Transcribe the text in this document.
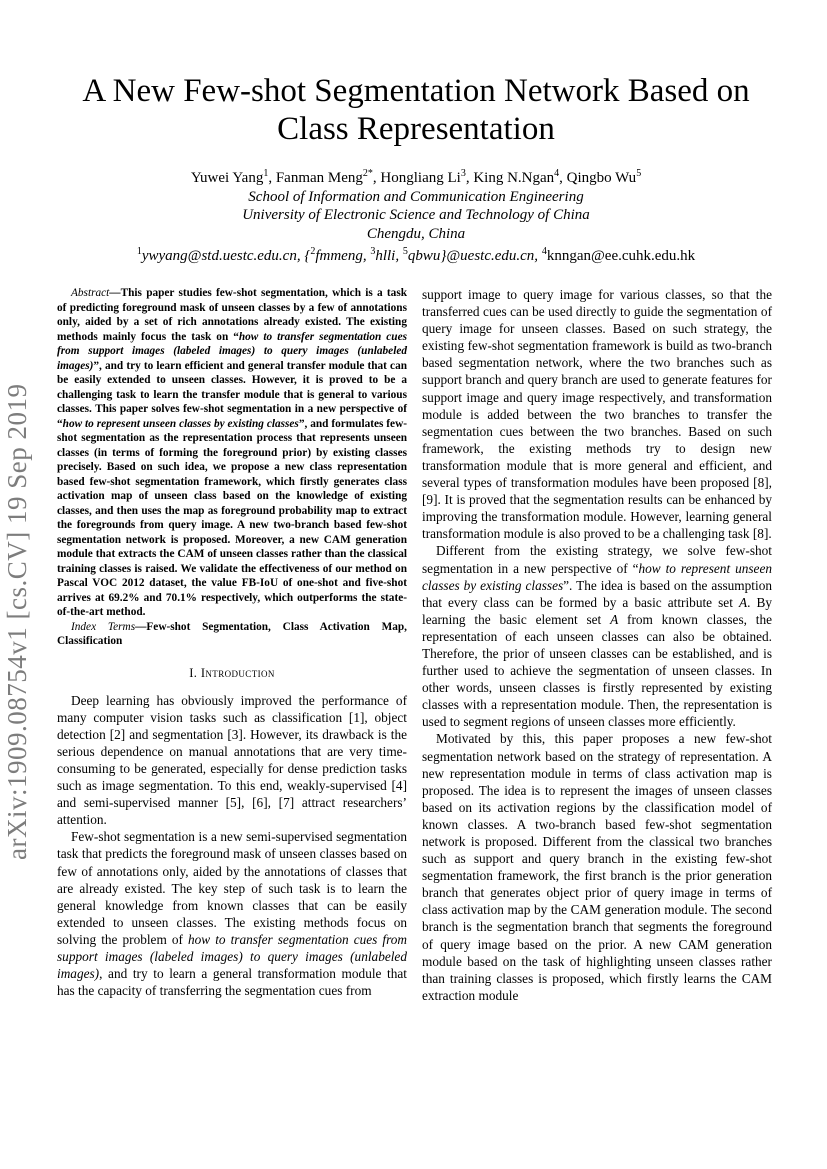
arXiv:1909.08754v1 [cs.CV] 19 Sep 2019
A New Few-shot Segmentation Network Based on Class Representation
Yuwei Yang$^1$, Fanman Meng$^{2*}$, Hongliang Li$^3$, King N.Ngan$^4$, Qingbo Wu$^5$
School of Information and Communication Engineering
University of Electronic Science and Technology of China
Chengdu, China
$^1$ywyang@std.uestc.edu.cn, {$^2$fmmeng, $^3$hlli, $^5$qbwu}@uestc.edu.cn, $^4$knngan@ee.cuhk.edu.hk

Abstract—This paper studies few-shot segmentation, which is a task of predicting foreground mask of unseen classes by a few of annotations only, aided by a set of rich annotations already existed. The existing methods mainly focus the task on “how to transfer segmentation cues from support images (labeled images) to query images (unlabeled images)”, and try to learn efficient and general transfer module that can be easily extended to unseen classes. However, it is proved to be a challenging task to learn the transfer module that is general to various classes. This paper solves few-shot segmentation in a new perspective of “how to represent unseen classes by existing classes”, and formulates few-shot segmentation as the representation process that represents unseen classes (in terms of forming the foreground prior) by existing classes precisely. Based on such idea, we propose a new class representation based few-shot segmentation framework, which firstly generates class activation map of unseen class based on the knowledge of existing classes, and then uses the map as foreground probability map to extract the foregrounds from query image. A new two-branch based few-shot segmentation network is proposed. Moreover, a new CAM generation module that extracts the CAM of unseen classes rather than the classical training classes is raised. We validate the effectiveness of our method on Pascal VOC 2012 dataset, the value FB-IoU of one-shot and five-shot arrives at 69.2% and 70.1% respectively, which outperforms the state-of-the-art method.

Index Terms—Few-shot Segmentation, Class Activation Map, Classification

I. Introduction

Deep learning has obviously improved the performance of many computer vision tasks such as classification [1], object detection [2] and segmentation [3]. However, its drawback is the serious dependence on manual annotations that are very time-consuming to be generated, especially for dense prediction tasks such as image segmentation. To this end, weakly-supervised [4] and semi-supervised manner [5], [6], [7] attract researchers’ attention.

Few-shot segmentation is a new semi-supervised segmentation task that predicts the foreground mask of unseen classes based on few of annotations only, aided by the annotations of classes that are already existed. The key step of such task is to learn the general knowledge from known classes that can be easily extended to unseen classes. The existing methods focus on solving the problem of how to transfer segmentation cues from support images (labeled images) to query images (unlabeled images), and try to learn a general transformation module that has the capacity of transferring the segmentation cues from

support image to query image for various classes, so that the transferred cues can be used directly to guide the segmentation of query image for unseen classes. Based on such strategy, the existing few-shot segmentation framework is build as two-branch based segmentation network, where the two branches such as support branch and query branch are used to generate features for support image and query image respectively, and transformation module is added between the two branches to transfer the segmentation cues between the two branches. Based on such framework, the existing methods try to design new transformation module that is more general and efficient, and several types of transformation modules have been proposed [8], [9]. It is proved that the segmentation results can be enhanced by improving the transformation module. However, learning general transformation module is also proved to be a challenging task [8].

Different from the existing strategy, we solve few-shot segmentation in a new perspective of “how to represent unseen classes by existing classes”. The idea is based on the assumption that every class can be formed by a basic attribute set A. By learning the basic element set A from known classes, the representation of each unseen classes can also be obtained. Therefore, the prior of unseen classes can be established, and is further used to achieve the segmentation of unseen classes. In other words, unseen classes is firstly represented by existing classes with a representation module. Then, the representation is used to segment regions of unseen classes more efficiently.

Motivated by this, this paper proposes a new few-shot segmentation network based on the strategy of representation. A new representation module in terms of class activation map is proposed. The idea is to represent the images of unseen classes based on its activation regions by the classification model of known classes. A two-branch based few-shot segmentation network is proposed. Different from the classical two branches such as support and query branch in the existing few-shot segmentation framework, the first branch is the prior generation branch that generates object prior of query image in terms of class activation map by the CAM generation module. The second branch is the segmentation branch that segments the foreground of query image based on the prior. A new CAM generation module based on the task of highlighting unseen classes rather than training classes is proposed, which firstly learns the CAM extraction module
